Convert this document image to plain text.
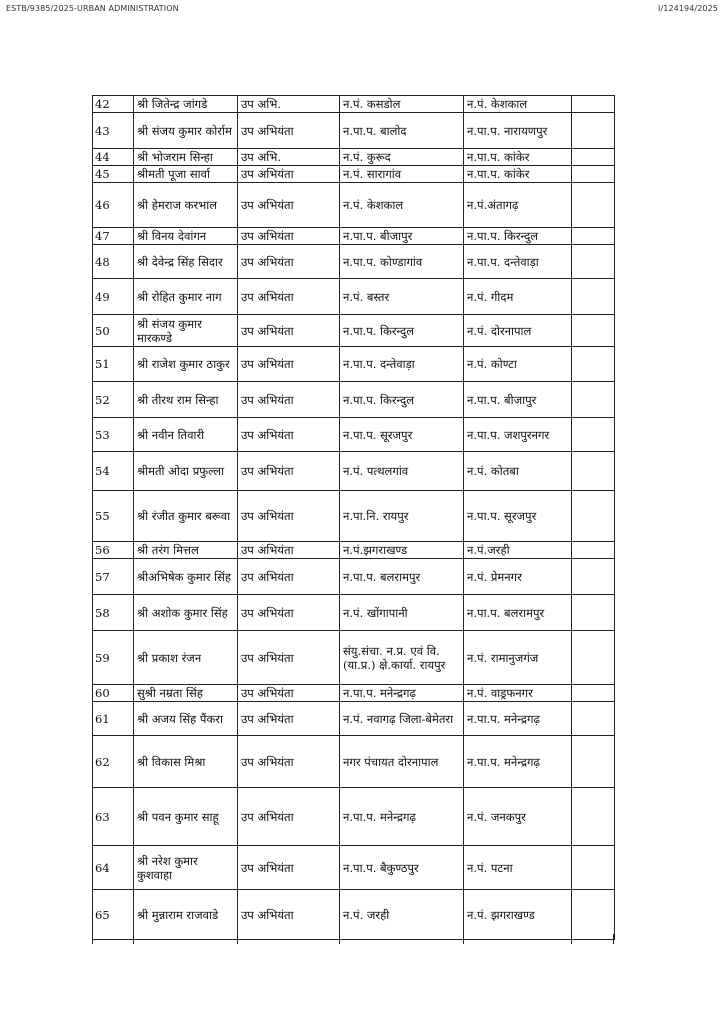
ESTB/9385/2025-URBAN ADMINISTRATION	I/124194/2025
42	श्री जितेन्द्र जांगडे	उप अभि.	न.पं. कसडोल	न.पं. केशकाल	
43	श्री संजय कुमार कोर्राम	उप अभियंता	न.पा.प. बालोद	न.पा.प. नारायणपुर	
44	श्री भोजराम सिन्हा	उप अभि.	न.पं. कुरूद	न.पा.प. कांकेर	
45	श्रीमती पूजा सार्वा	उप अभियंता	न.पं. सारागांव	न.पा.प. कांकेर	
46	श्री हेमराज करभाल	उप अभियंता	न.पं. केशकाल	न.पं.अंतागढ़	
47	श्री विनय देवांगन	उप अभियंता	न.पा.प. बीजापुर	न.पा.प. किरन्दुल	
48	श्री देवेन्द्र सिंह सिदार	उप अभियंता	न.पा.प. कोण्डागांव	न.पा.प. दन्तेवाड़ा	
49	श्री रोहित कुमार नाग	उप अभियंता	न.पं. बस्तर	न.पं. गीदम	
50	श्री संजय कुमार मारकण्डे	उप अभियंता	न.पा.प. किरन्दुल	न.पं. दोरनापाल	
51	श्री राजेश कुमार ठाकुर	उप अभियंता	न.पा.प. दन्तेवाड़ा	न.पं. कोण्टा	
52	श्री तीरथ राम सिन्हा	उप अभियंता	न.पा.प. किरन्दुल	न.पा.प. बीजापुर	
53	श्री नवीन तिवारी	उप अभियंता	न.पा.प. सूरजपुर	न.पा.प. जशपुरनगर	
54	श्रीमती ओदा प्रफुल्ला	उप अभियंता	न.पं. पत्थलगांव	न.पं. कोतबा	
55	श्री रंजीत कुमार बरूवा	उप अभियंता	न.पा.नि. रायपुर	न.पा.प. सूरजपुर	
56	श्री तरंग मित्तल	उप अभियंता	न.पं.झगराखण्ड	न.पं.जरही	
57	श्रीअभिषेक कुमार सिंह	उप अभियंता	न.पा.प. बलरामपुर	न.पं. प्रेमनगर	
58	श्री अशोक कुमार सिंह	उप अभियंता	न.पं. खोंगापानी	न.पा.प. बलरामपुर	
59	श्री प्रकाश रंजन	उप अभियंता	संयु.संचा. न.प्र. एवं वि.(या.प्र.) क्षे.कार्या. रायपुर	न.पं. रामानुजगंज	
60	सुश्री नम्रता सिंह	उप अभियंता	न.पा.प. मनेन्द्रगढ़	न.पं. वाड्रफनगर	
61	श्री अजय सिंह पैंकरा	उप अभियंता	न.पं. नवागढ़ जिला-बेमेतरा	न.पा.प. मनेन्द्रगढ़	
62	श्री विकास मिश्रा	उप अभियंता	नगर पंचायत दोरनापाल	न.पा.प. मनेन्द्रगढ़	
63	श्री पवन कुमार साहू	उप अभियंता	न.पा.प. मनेन्द्रगढ़	न.पं. जनकपुर	
64	श्री नरेश कुमार कुशवाहा	उप अभियंता	न.पा.प. बैकुण्ठपुर	न.पं. पटना	
65	श्री मुन्नाराम राजवाडे	उप अभियंता	न.पं. जरही	न.पं. झगराखण्ड	
